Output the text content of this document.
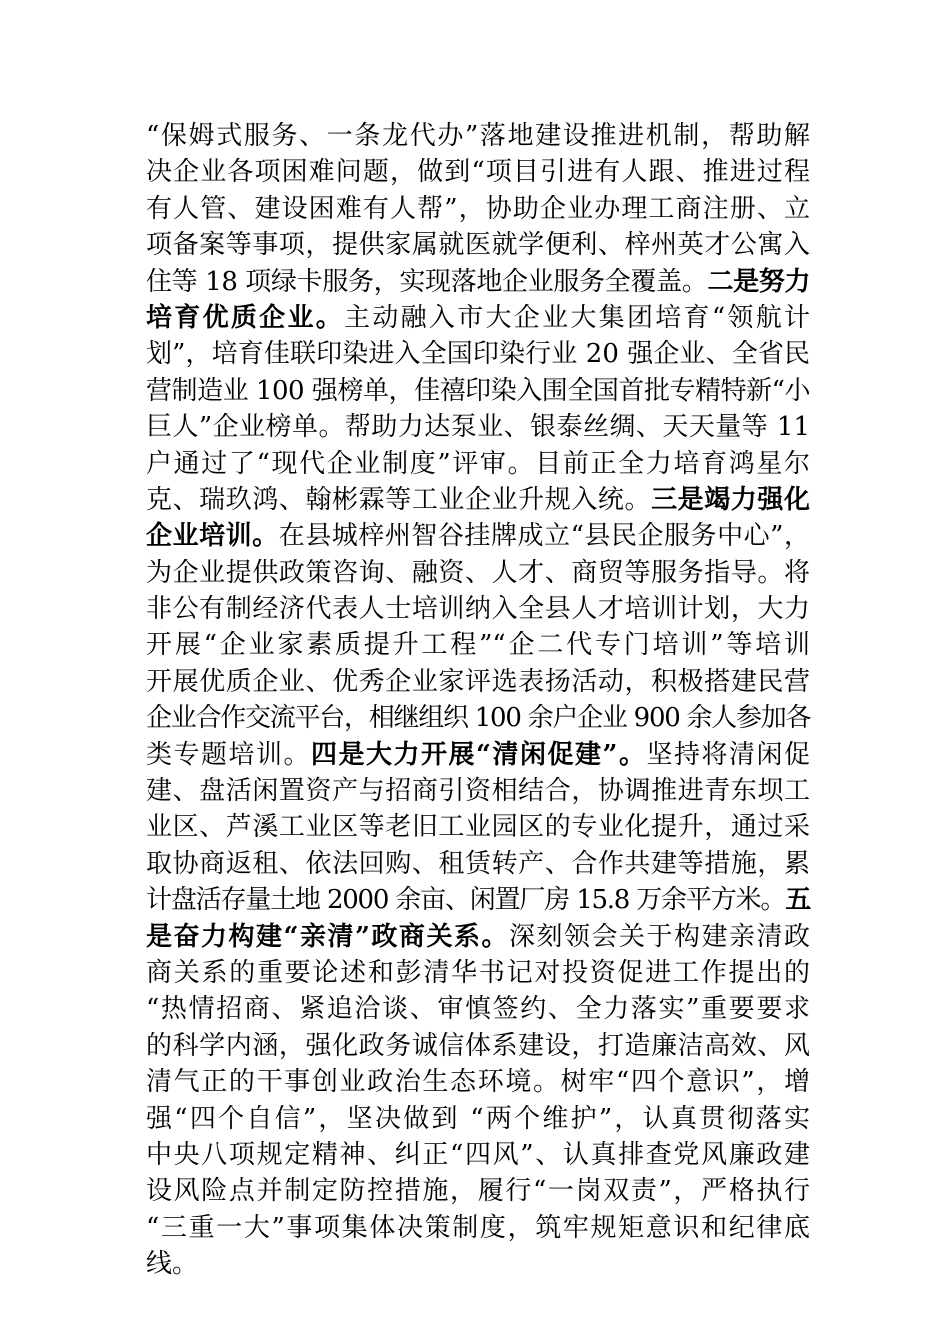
“保姆式服务、一条龙代办”落地建设推进机制，帮助解
决企业各项困难问题，做到“项目引进有人跟、推进过程
有人管、建设困难有人帮”，协助企业办理工商注册、立
项备案等事项，提供家属就医就学便利、梓州英才公寓入
住等 18 项绿卡服务，实现落地企业服务全覆盖。二是努力
培育优质企业。主动融入市大企业大集团培育“领航计
划”，培育佳联印染进入全国印染行业 20 强企业、全省民
营制造业 100 强榜单，佳禧印染入围全国首批专精特新“小
巨人”企业榜单。帮助力达泵业、银泰丝绸、天天量等 11
户通过了“现代企业制度”评审。目前正全力培育鸿星尔
克、瑞玖鸿、翰彬霖等工业企业升规入统。三是竭力强化
企业培训。在县城梓州智谷挂牌成立“县民企服务中心”，
为企业提供政策咨询、融资、人才、商贸等服务指导。将
非公有制经济代表人士培训纳入全县人才培训计划，大力
开展“企业家素质提升工程”“企二代专门培训”等培训
开展优质企业、优秀企业家评选表扬活动，积极搭建民营
企业合作交流平台，相继组织 100 余户企业 900 余人参加各
类专题培训。四是大力开展“清闲促建”。坚持将清闲促
建、盘活闲置资产与招商引资相结合，协调推进青东坝工
业区、芦溪工业区等老旧工业园区的专业化提升，通过采
取协商返租、依法回购、租赁转产、合作共建等措施，累
计盘活存量土地 2000 余亩、闲置厂房 15.8 万余平方米。五
是奋力构建“亲清”政商关系。深刻领会关于构建亲清政
商关系的重要论述和彭清华书记对投资促进工作提出的
“热情招商、紧追洽谈、审慎签约、全力落实”重要要求
的科学内涵，强化政务诚信体系建设，打造廉洁高效、风
清气正的干事创业政治生态环境。树牢“四个意识”，增
强“四个自信”，坚决做到 “两个维护”，认真贯彻落实
中央八项规定精神、纠正“四风”、认真排查党风廉政建
设风险点并制定防控措施，履行“一岗双责”，严格执行
“三重一大”事项集体决策制度，筑牢规矩意识和纪律底
线。
